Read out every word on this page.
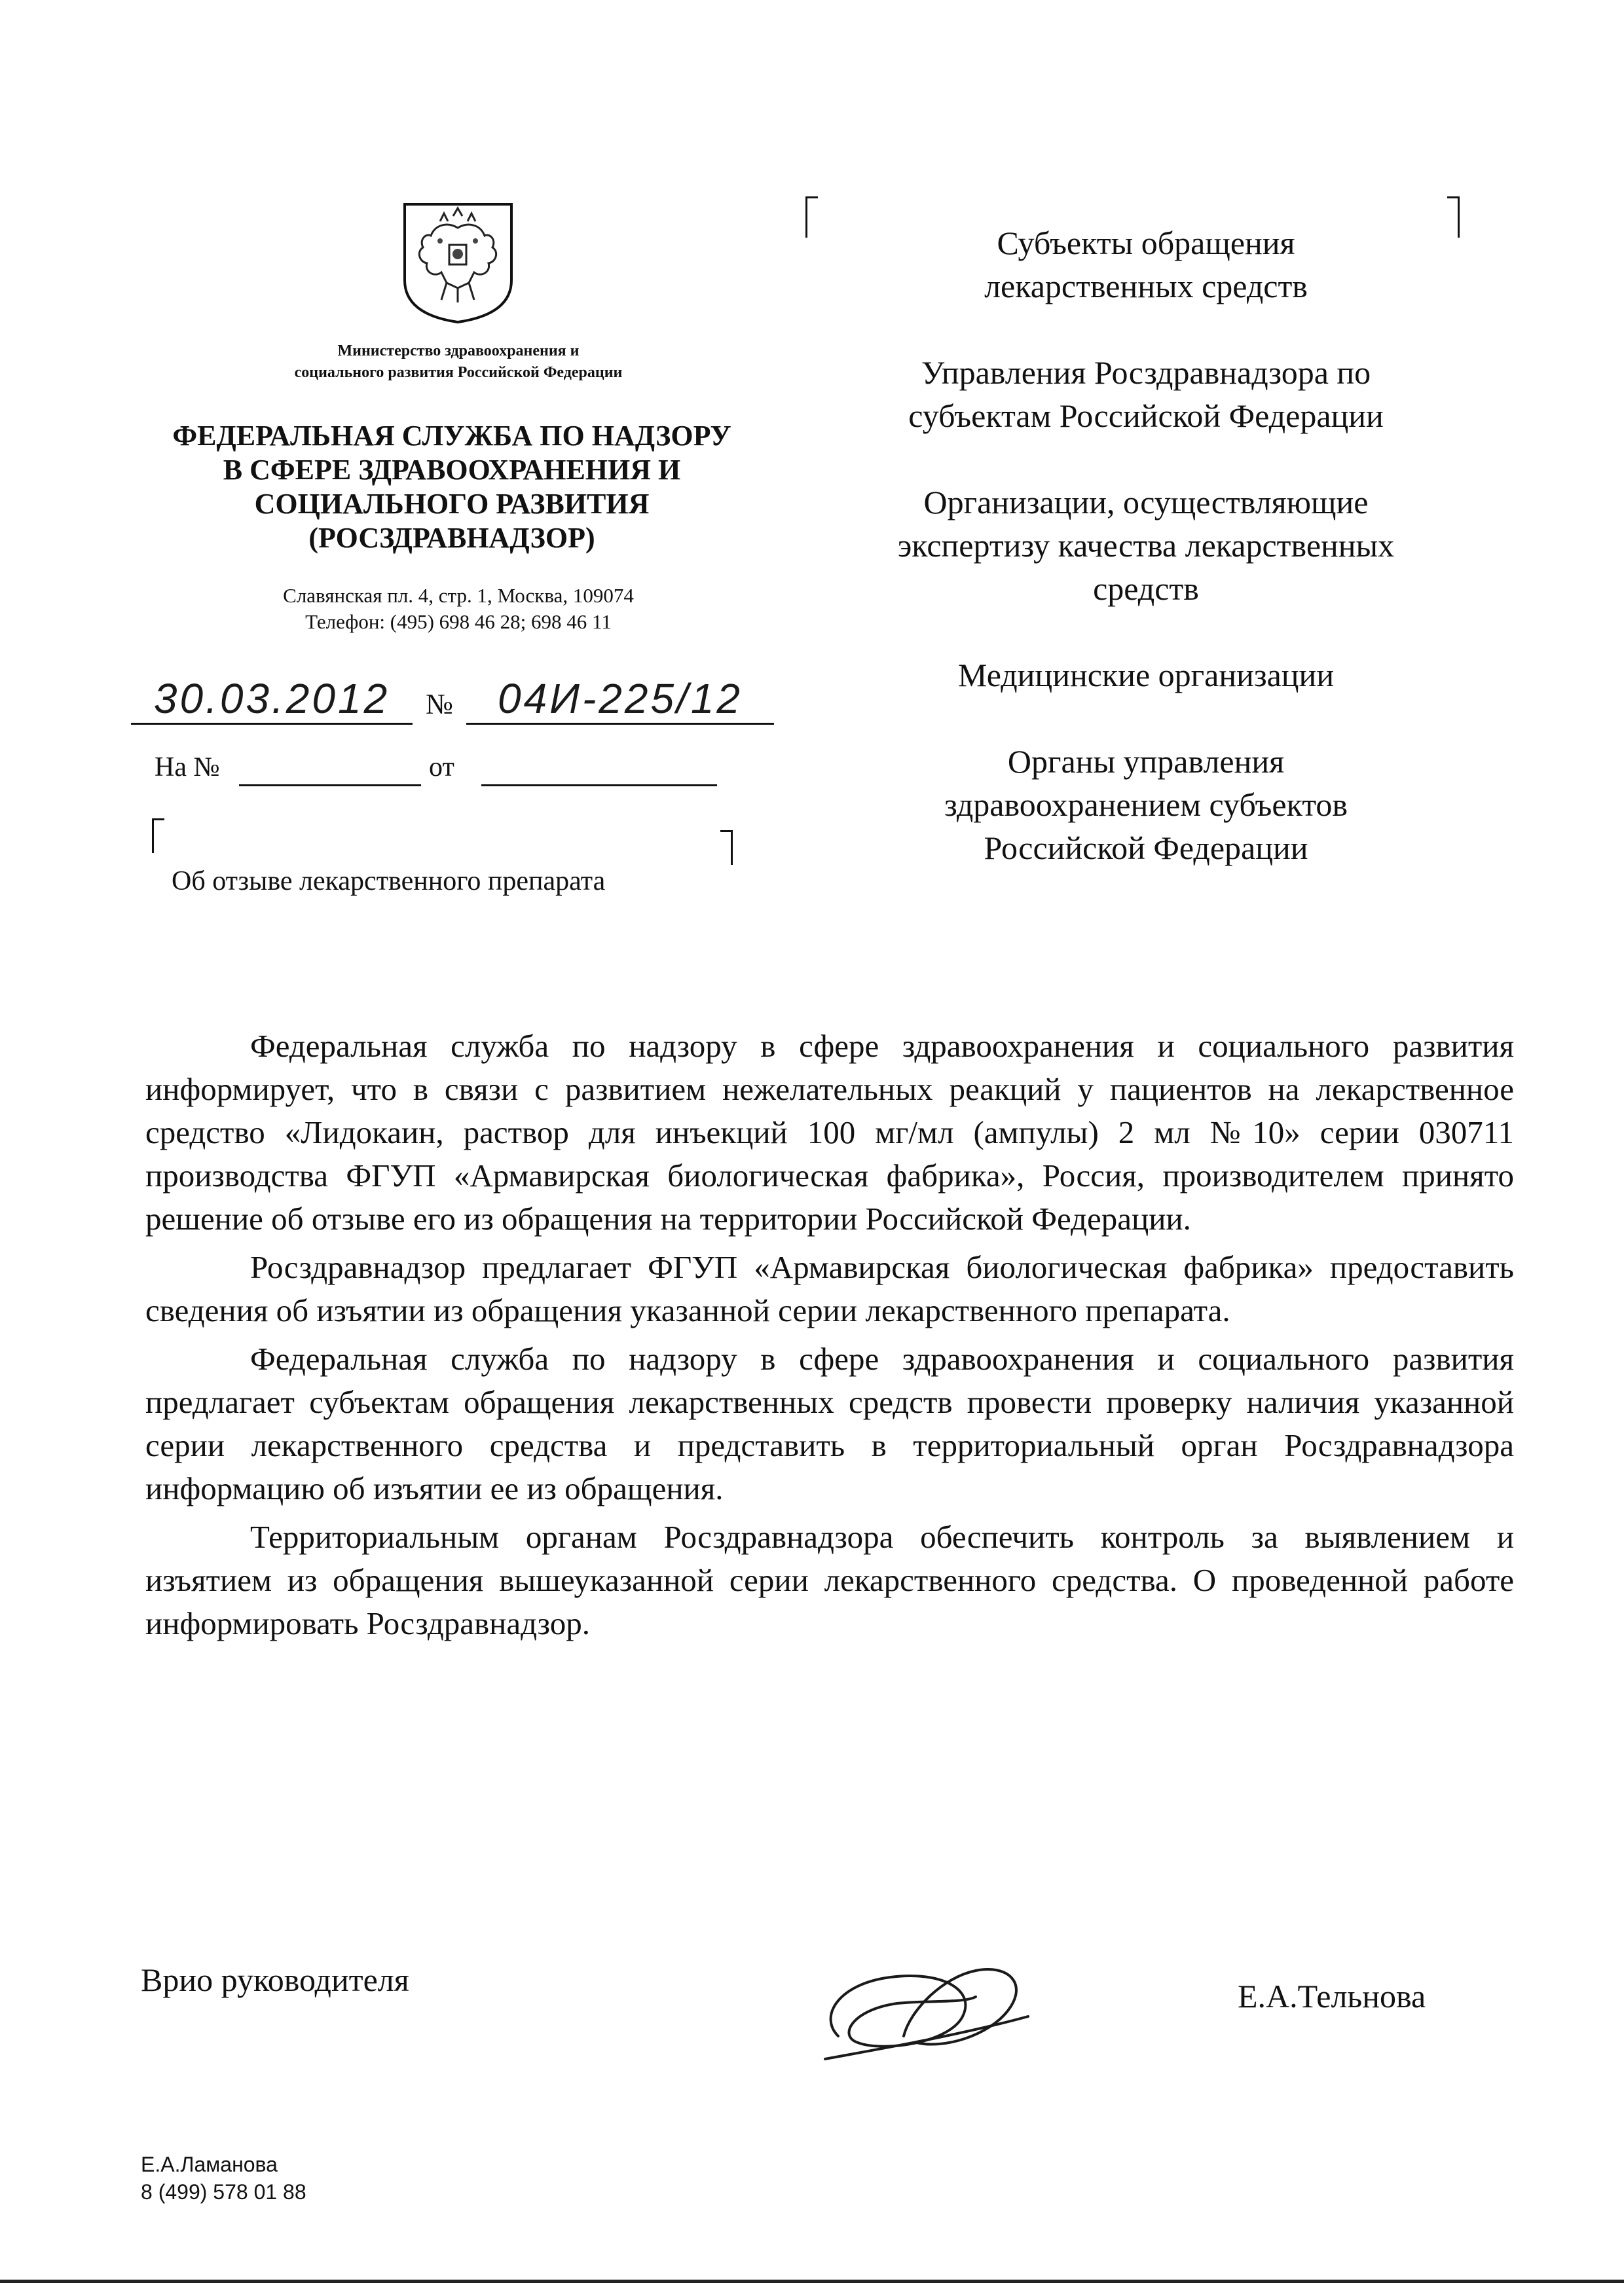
Министерство здравоохранения и
социального развития Российской Федерации
ФЕДЕРАЛЬНАЯ СЛУЖБА ПО НАДЗОРУ
В СФЕРЕ ЗДРАВООХРАНЕНИЯ И
СОЦИАЛЬНОГО РАЗВИТИЯ
(РОСЗДРАВНАДЗОР)
Славянская пл. 4, стр. 1, Москва, 109074
Телефон: (495) 698 46 28; 698 46 11
30.03.2012	№	04И-225/12
На №	от
Об отзыве лекарственного препарата

Субъекты обращения
лекарственных средств

Управления Росздравнадзора по
субъектам Российской Федерации

Организации, осуществляющие
экспертизу качества лекарственных
средств

Медицинские организации

Органы управления
здравоохранением субъектов
Российской Федерации

Федеральная служба по надзору в сфере здравоохранения и социального развития информирует, что в связи с развитием нежелательных реакций у пациентов на лекарственное средство «Лидокаин, раствор для инъекций 100 мг/мл (ампулы) 2 мл №10» серии 030711 производства ФГУП «Армавирская биологическая фабрика», Россия, производителем принято решение об отзыве его из обращения на территории Российской Федерации.

Росздравнадзор предлагает ФГУП «Армавирская биологическая фабрика» предоставить сведения об изъятии из обращения указанной серии лекарственного препарата.

Федеральная служба по надзору в сфере здравоохранения и социального развития предлагает субъектам обращения лекарственных средств провести проверку наличия указанной серии лекарственного средства и представить в территориальный орган Росздравнадзора информацию об изъятии ее из обращения.

Территориальным органам Росздравнадзора обеспечить контроль за выявлением и изъятием из обращения вышеуказанной серии лекарственного средства. О проведенной работе информировать Росздравнадзор.

Врио руководителя	Е.А.Тельнова
Е.А.Ламанова
8 (499) 578 01 88
